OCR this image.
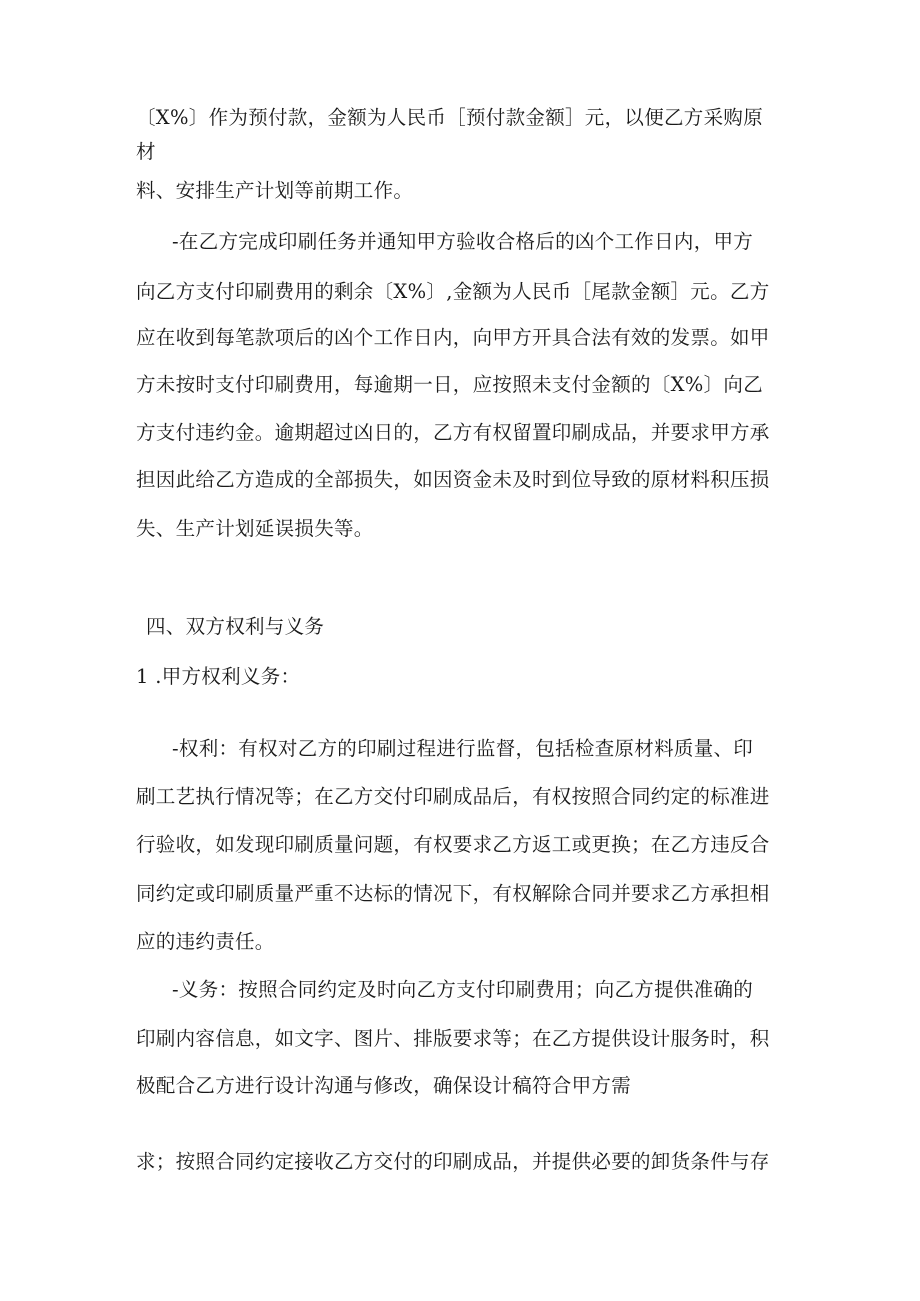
〔X%〕作为预付款，金额为人民币［预付款金额］元，以便乙方采购原
材
料、安排生产计划等前期工作。
-在乙方完成印刷任务并通知甲方验收合格后的凶个工作日内，甲方
向乙方支付印刷费用的剩余〔X%〕,金额为人民币［尾款金额］元。乙方
应在收到每笔款项后的凶个工作日内，向甲方开具合法有效的发票。如甲
方未按时支付印刷费用，每逾期一日，应按照未支付金额的〔X%〕向乙
方支付违约金。逾期超过凶日的，乙方有权留置印刷成品，并要求甲方承
担因此给乙方造成的全部损失，如因资金未及时到位导致的原材料积压损
失、生产计划延误损失等。
四、双方权利与义务
1 .甲方权利义务：
-权利：有权对乙方的印刷过程进行监督，包括检查原材料质量、印
刷工艺执行情况等；在乙方交付印刷成品后，有权按照合同约定的标准进
行验收，如发现印刷质量问题，有权要求乙方返工或更换；在乙方违反合
同约定或印刷质量严重不达标的情况下，有权解除合同并要求乙方承担相
应的违约责任。
-义务：按照合同约定及时向乙方支付印刷费用；向乙方提供准确的
印刷内容信息，如文字、图片、排版要求等；在乙方提供设计服务时，积
极配合乙方进行设计沟通与修改，确保设计稿符合甲方需
求；按照合同约定接收乙方交付的印刷成品，并提供必要的卸货条件与存
